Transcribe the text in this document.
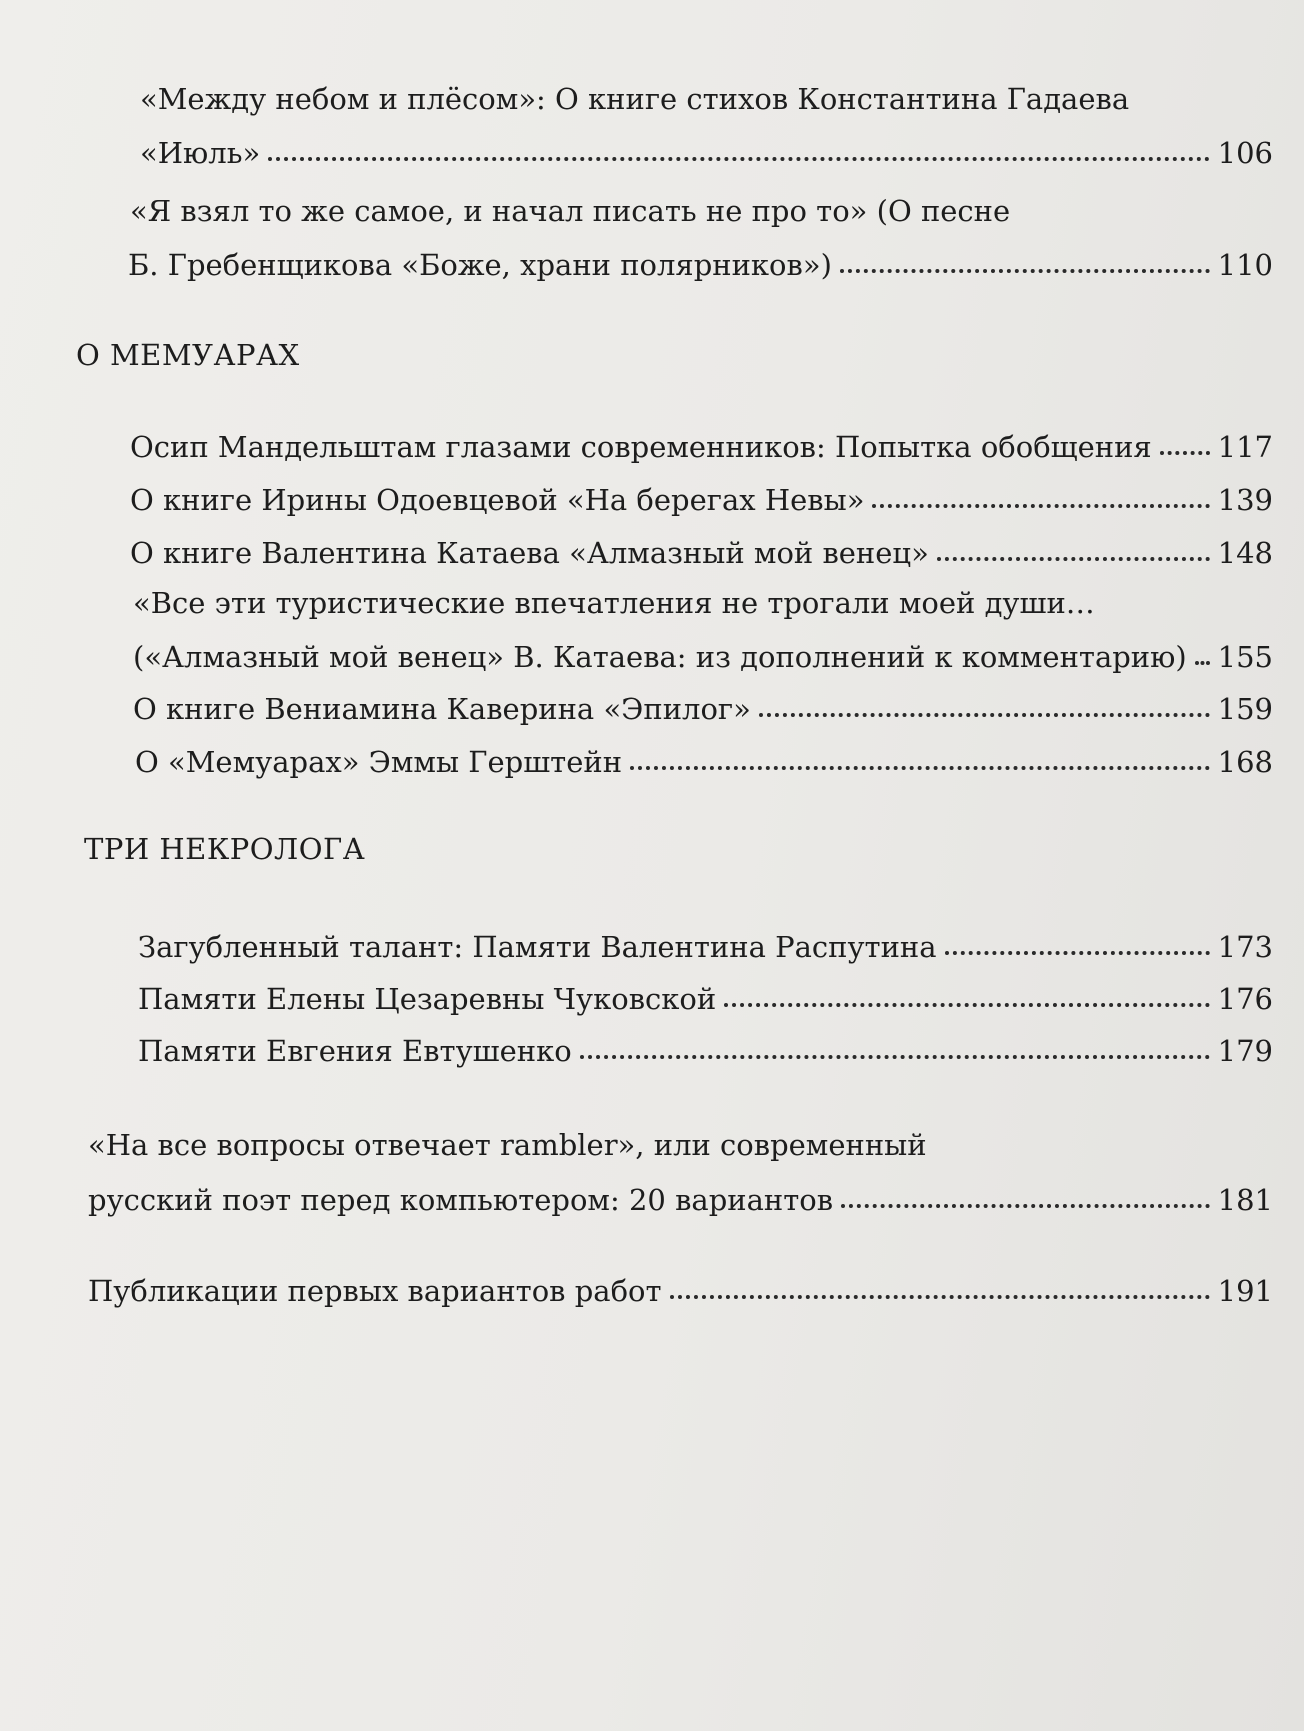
«Между небом и плёсом»: О книге стихов Константина Гадаева
«Июль»	106
«Я взял то же самое, и начал писать не про то» (О песне
Б. Гребенщикова «Боже, храни полярников»)	110
О МЕМУАРАХ
Осип Мандельштам глазами современников: Попытка обобщения 117
О книге Ирины Одоевцевой «На берегах Невы»	139
О книге Валентина Катаева «Алмазный мой венец»	148
«Все эти туристические впечатления не трогали моей души…
(«Алмазный мой венец» В. Катаева: из дополнений к комментарию) 155
О книге Вениамина Каверина «Эпилог»	159
О «Мемуарах» Эммы Герштейн	168
ТРИ НЕКРОЛОГА
Загубленный талант: Памяти Валентина Распутина	173
Памяти Елены Цезаревны Чуковской	176
Памяти Евгения Евтушенко	179
«На все вопросы отвечает rambler», или современный
русский поэт перед компьютером: 20 вариантов	181
Публикации первых вариантов работ	191
